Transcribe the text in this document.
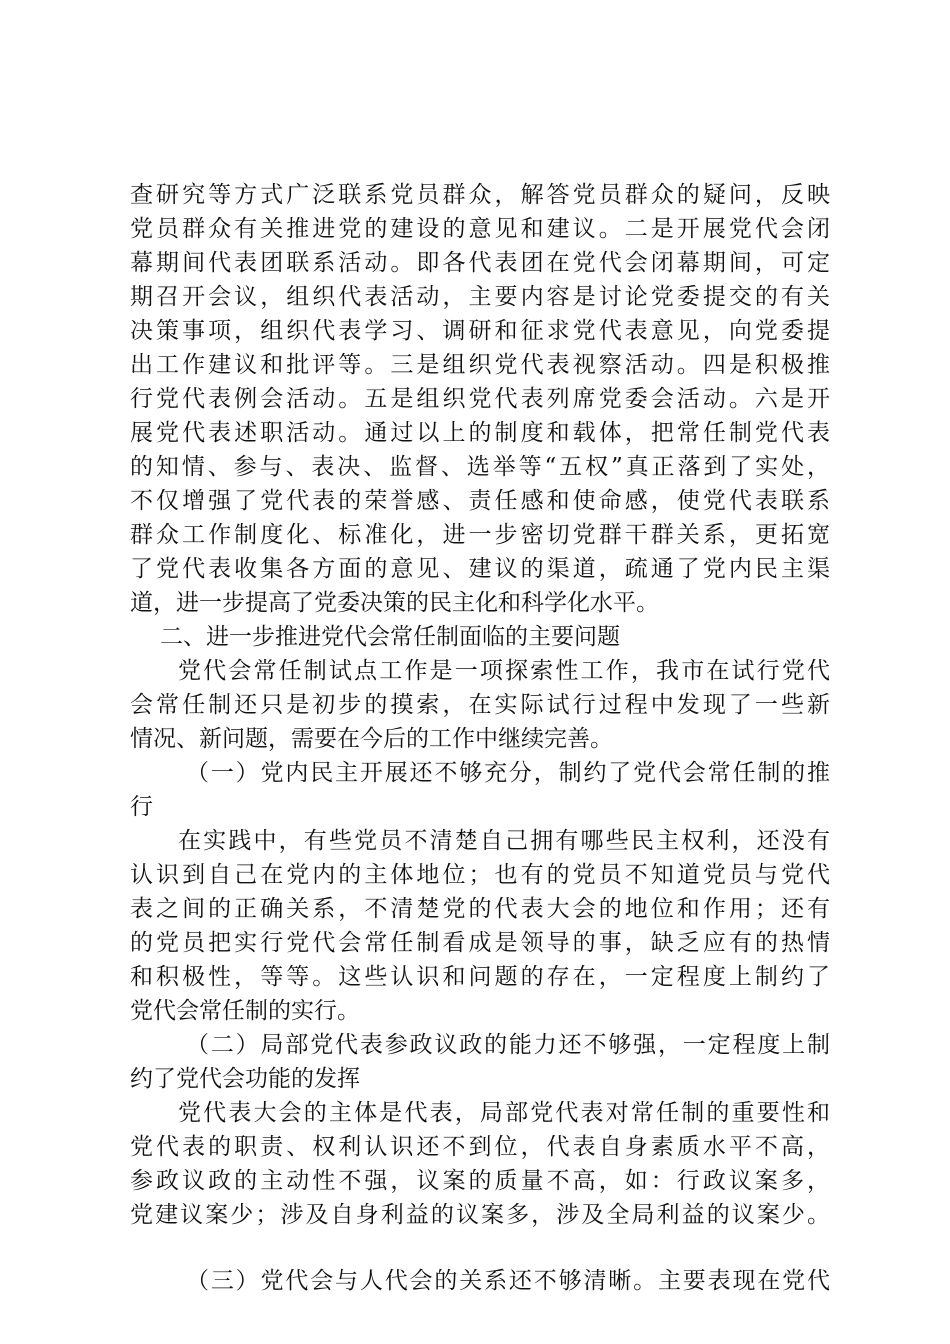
查研究等方式广泛联系党员群众，解答党员群众的疑问，反映
党员群众有关推进党的建设的意见和建议。二是开展党代会闭
幕期间代表团联系活动。即各代表团在党代会闭幕期间，可定
期召开会议，组织代表活动，主要内容是讨论党委提交的有关
决策事项，组织代表学习、调研和征求党代表意见，向党委提
出工作建议和批评等。三是组织党代表视察活动。四是积极推
行党代表例会活动。五是组织党代表列席党委会活动。六是开
展党代表述职活动。通过以上的制度和载体，把常任制党代表
的知情、参与、表决、监督、选举等“五权”真正落到了实处，
不仅增强了党代表的荣誉感、责任感和使命感，使党代表联系
群众工作制度化、标准化，进一步密切党群干群关系，更拓宽
了党代表收集各方面的意见、建议的渠道，疏通了党内民主渠
道，进一步提高了党委决策的民主化和科学化水平。
二、进一步推进党代会常任制面临的主要问题
党代会常任制试点工作是一项探索性工作，我市在试行党代
会常任制还只是初步的摸索，在实际试行过程中发现了一些新
情况、新问题，需要在今后的工作中继续完善。
（一）党内民主开展还不够充分，制约了党代会常任制的推
行
在实践中，有些党员不清楚自己拥有哪些民主权利，还没有
认识到自己在党内的主体地位；也有的党员不知道党员与党代
表之间的正确关系，不清楚党的代表大会的地位和作用；还有
的党员把实行党代会常任制看成是领导的事，缺乏应有的热情
和积极性，等等。这些认识和问题的存在，一定程度上制约了
党代会常任制的实行。
（二）局部党代表参政议政的能力还不够强，一定程度上制
约了党代会功能的发挥
党代表大会的主体是代表，局部党代表对常任制的重要性和
党代表的职责、权利认识还不到位，代表自身素质水平不高，
参政议政的主动性不强，议案的质量不高，如：行政议案多，
党建议案少；涉及自身利益的议案多，涉及全局利益的议案少。
（三）党代会与人代会的关系还不够清晰。主要表现在党代
